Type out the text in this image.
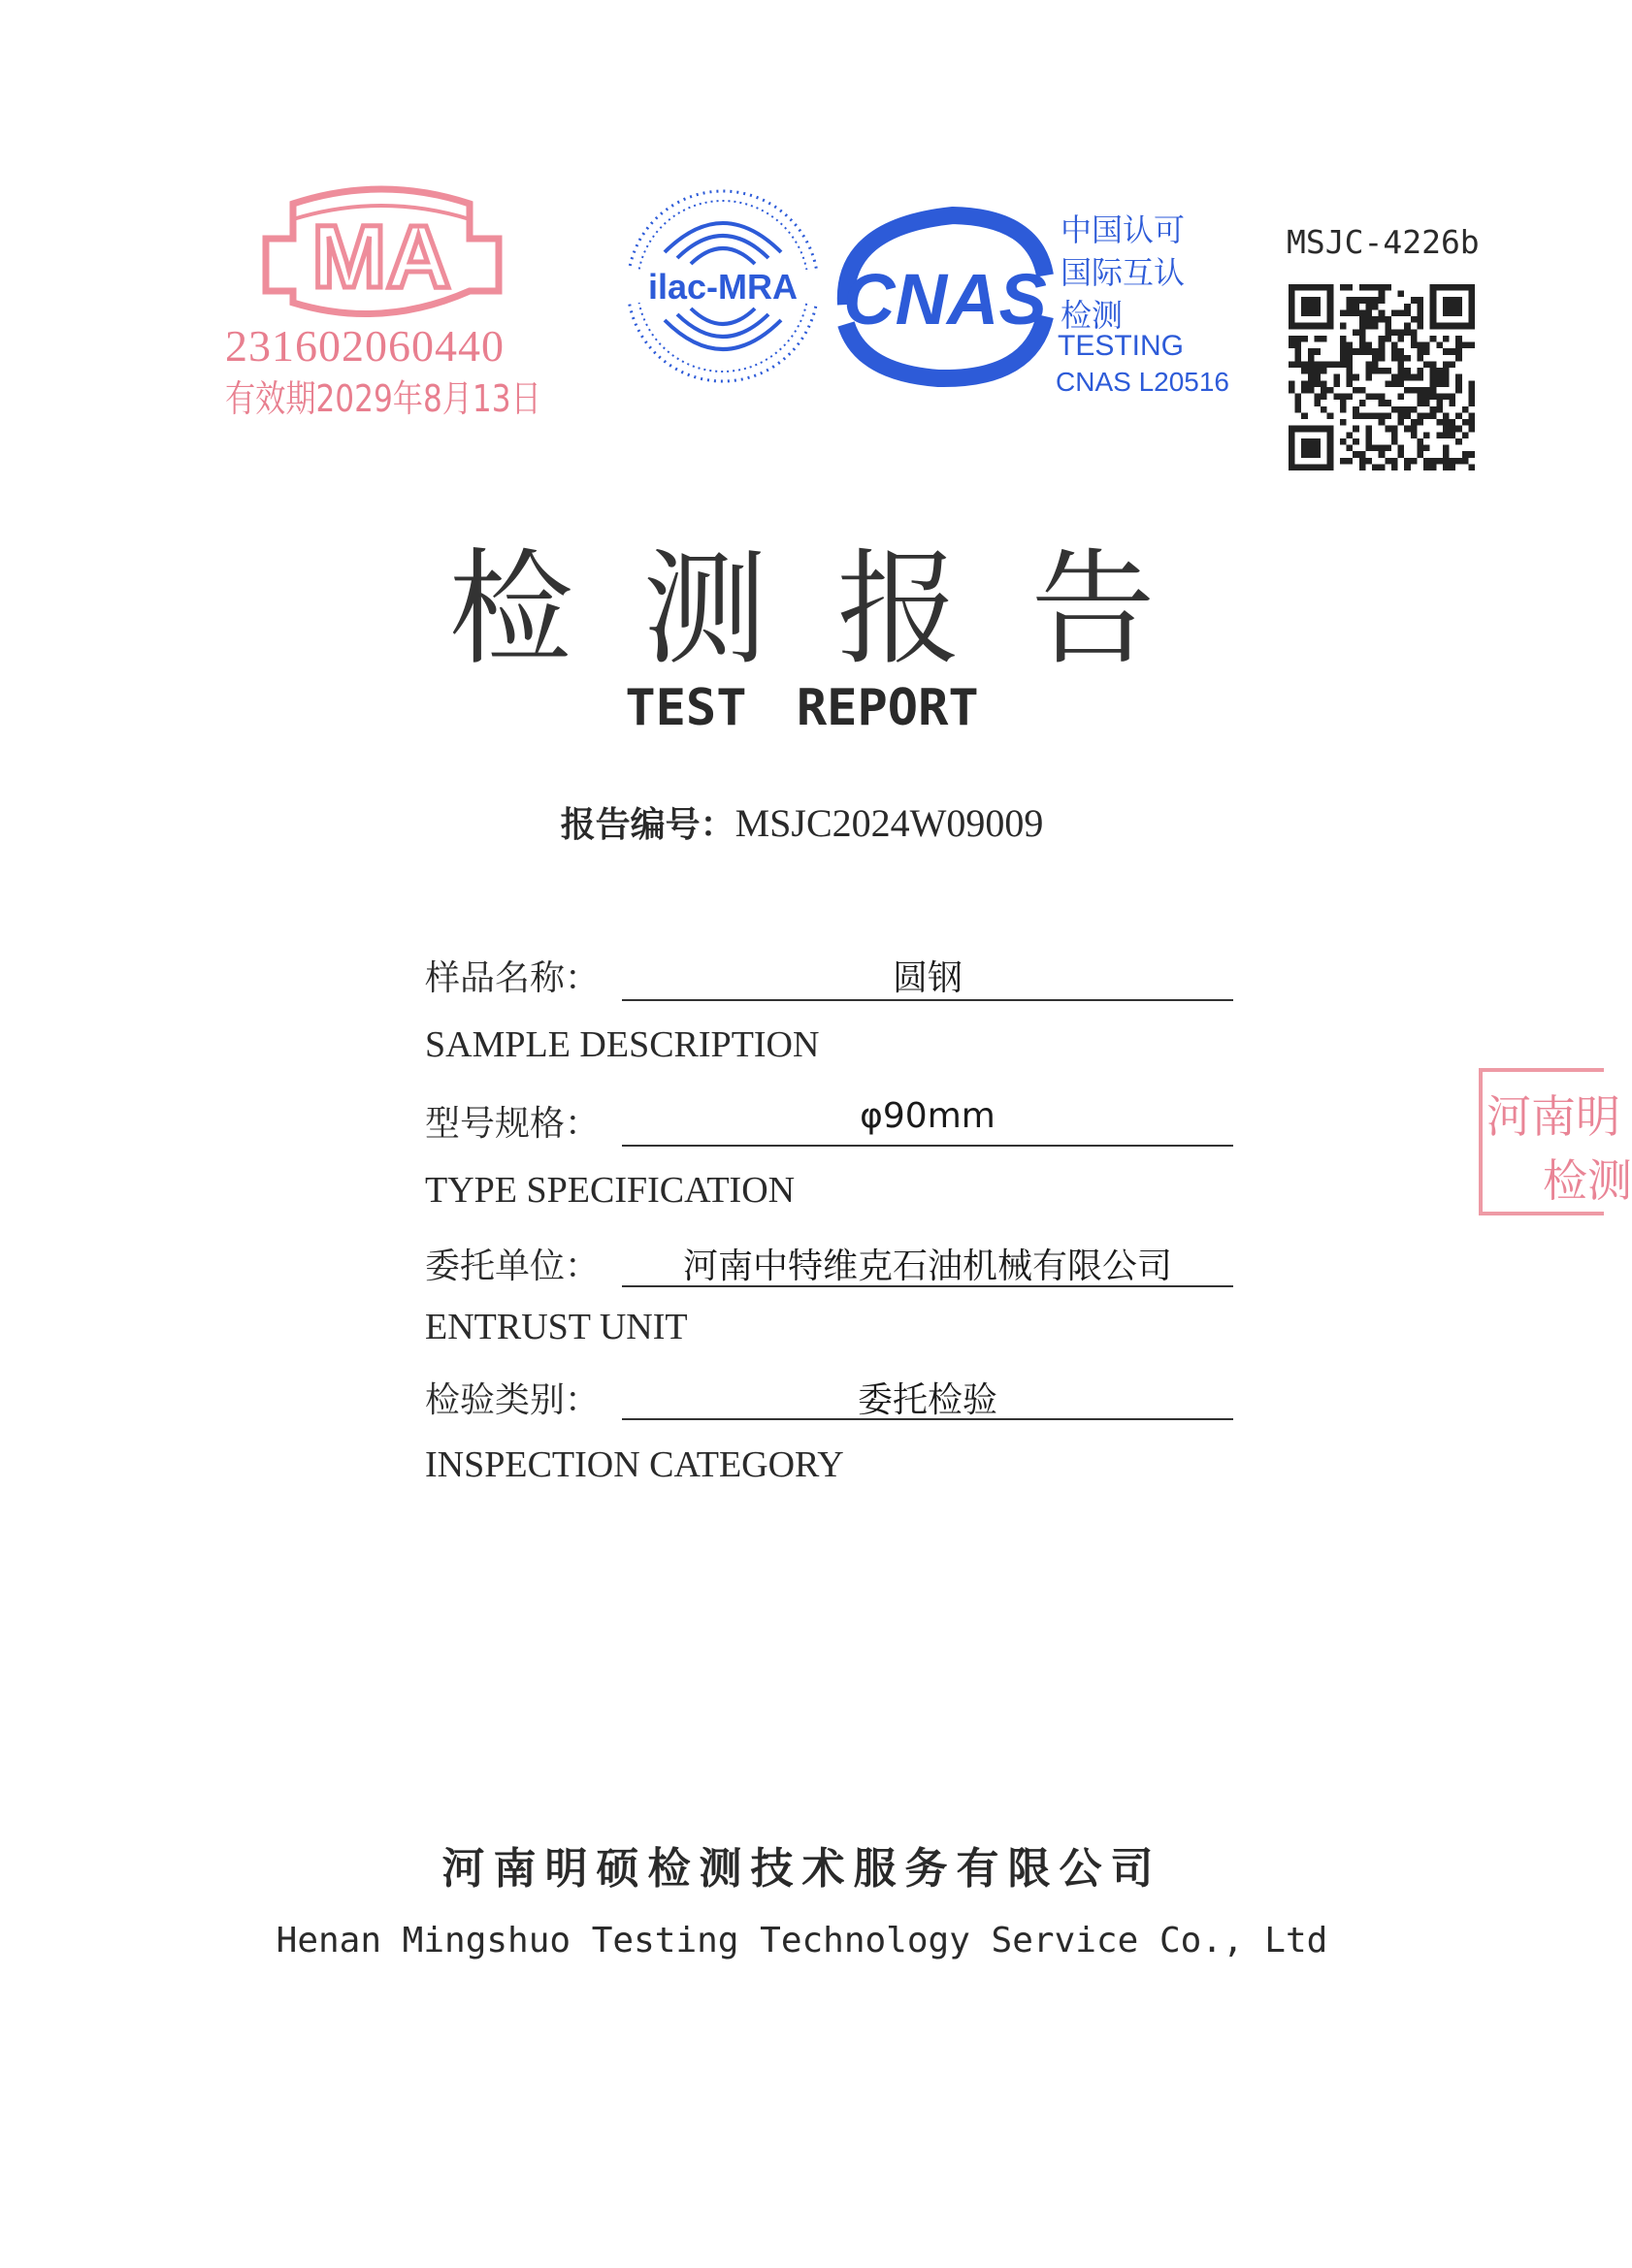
MA
231602060440
有效期2029年8月13日
ilac-MRA CNAS
中国认可
国际互认
检测
TESTING
CNAS L20516
MSJC-4226b
检测报告
TEST REPORT
报告编号：MSJC2024W09009
样品名称：	圆钢
SAMPLE DESCRIPTION
型号规格：	φ90mm
TYPE SPECIFICATION
委托单位：	河南中特维克石油机械有限公司
ENTRUST UNIT
检验类别：	委托检验
INSPECTION CATEGORY
河南明
检测
河南明硕检测技术服务有限公司
Henan Mingshuo Testing Technology Service Co., Ltd
